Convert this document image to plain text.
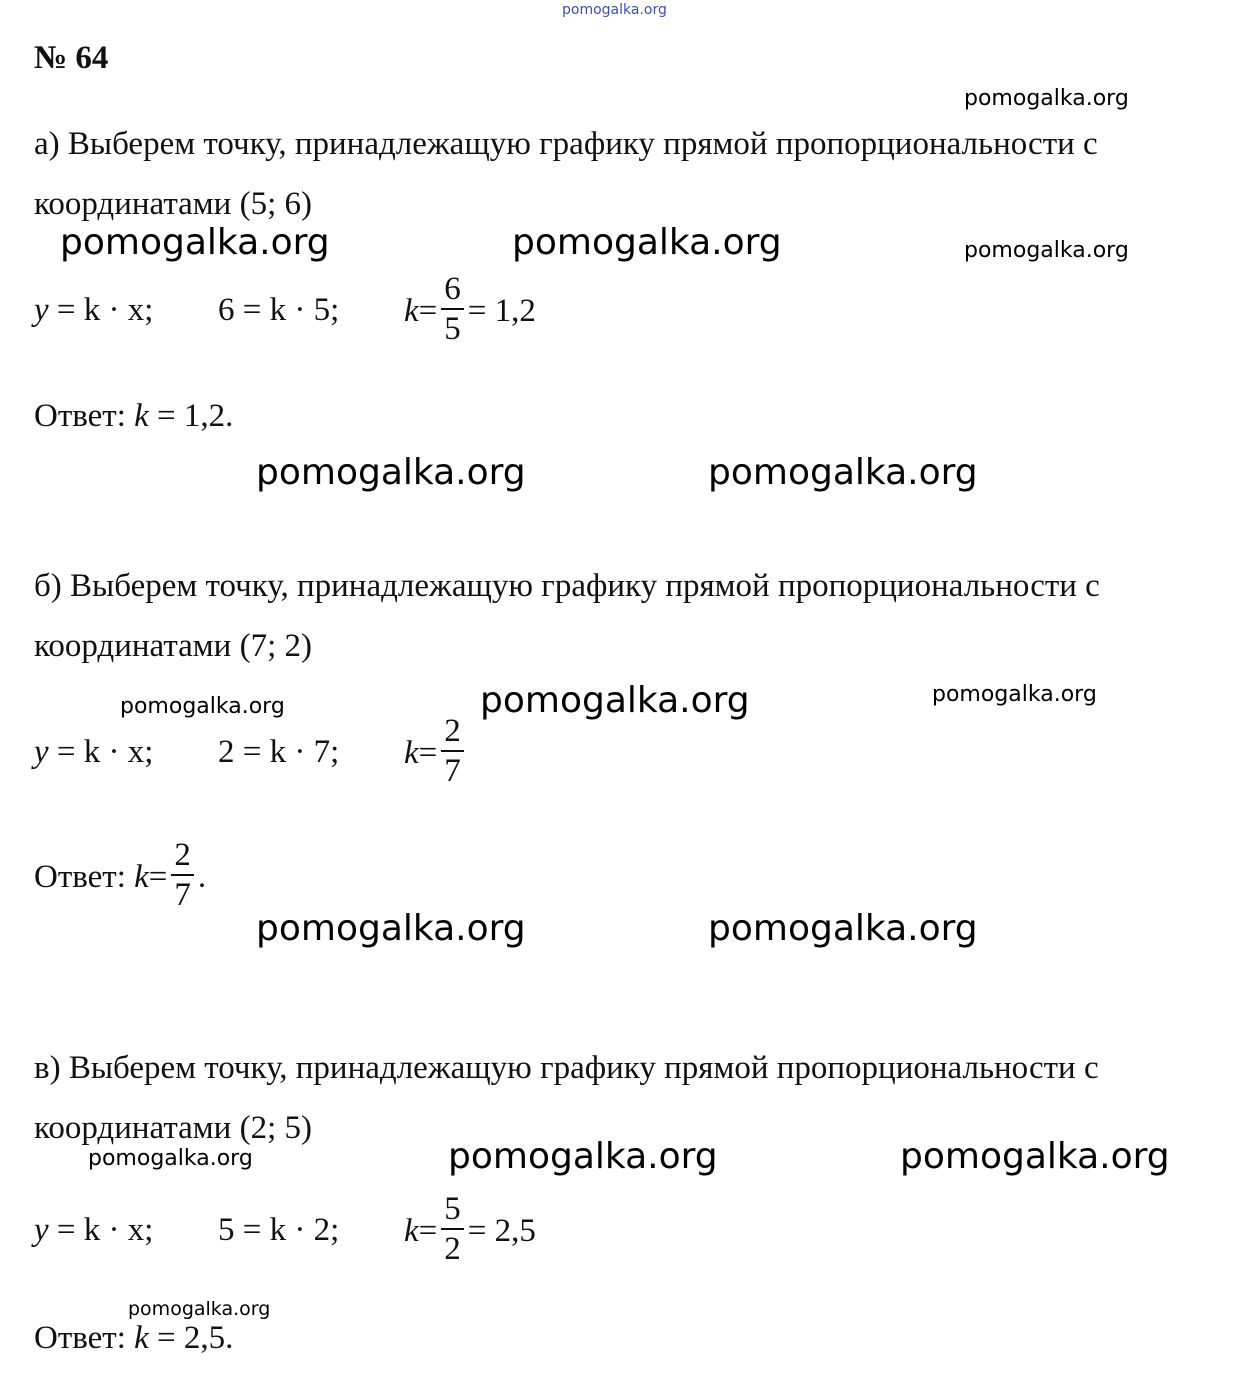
pomogalka.org
№ 64
pomogalka.org
а) Выберем точку, принадлежащую графику прямой пропорциональности с
координатами (5; 6)
pomogalka.org	pomogalka.org	pomogalka.org
y = k · x; 6 = k · 5; $k = \frac{6}{5} = 1,2$
Ответ: k = 1,2.
pomogalka.org	pomogalka.org
б) Выберем точку, принадлежащую графику прямой пропорциональности с
координатами (7; 2)
pomogalka.org	pomogalka.org	pomogalka.org
y = k · x; 2 = k · 7; $k = \frac{2}{7}$
Ответ:
$k = \frac{2}{7}$ .
pomogalka.org	pomogalka.org
в) Выберем точку, принадлежащую графику прямой пропорциональности с
координатами (2; 5)
pomogalka.org	pomogalka.org	pomogalka.org
y = k · x; 5 = k · 2; $k = \frac{5}{2} = 2,5$
pomogalka.org
Ответ: k = 2,5.
